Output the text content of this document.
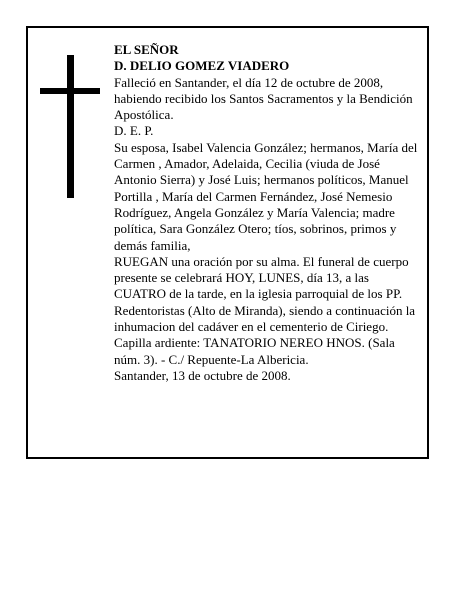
EL SEÑOR

D. DELIO GOMEZ VIADERO

Falleció en Santander, el día 12 de octubre de 2008, habiendo recibido los Santos Sacramentos y la Bendición Apostólica.

D. E. P.

Su esposa, Isabel Valencia González; hermanos, María del Carmen , Amador, Adelaida, Cecilia (viuda de José Antonio Sierra) y José Luis; hermanos políticos, Manuel Portilla , María del Carmen Fernández, José Nemesio Rodríguez, Angela González y María Valencia; madre política, Sara González Otero; tíos, sobrinos, primos y demás familia,

RUEGAN una oración por su alma. El funeral de cuerpo presente se celebrará HOY, LUNES, día 13, a las CUATRO de la tarde, en la iglesia parroquial de los PP. Redentoristas (Alto de Miranda), siendo a continuación la inhumacion del cadáver en el cementerio de Ciriego. Capilla ardiente: TANATORIO NEREO HNOS. (Sala núm. 3). - C./ Repuente-La Albericia.

Santander, 13 de octubre de 2008.
